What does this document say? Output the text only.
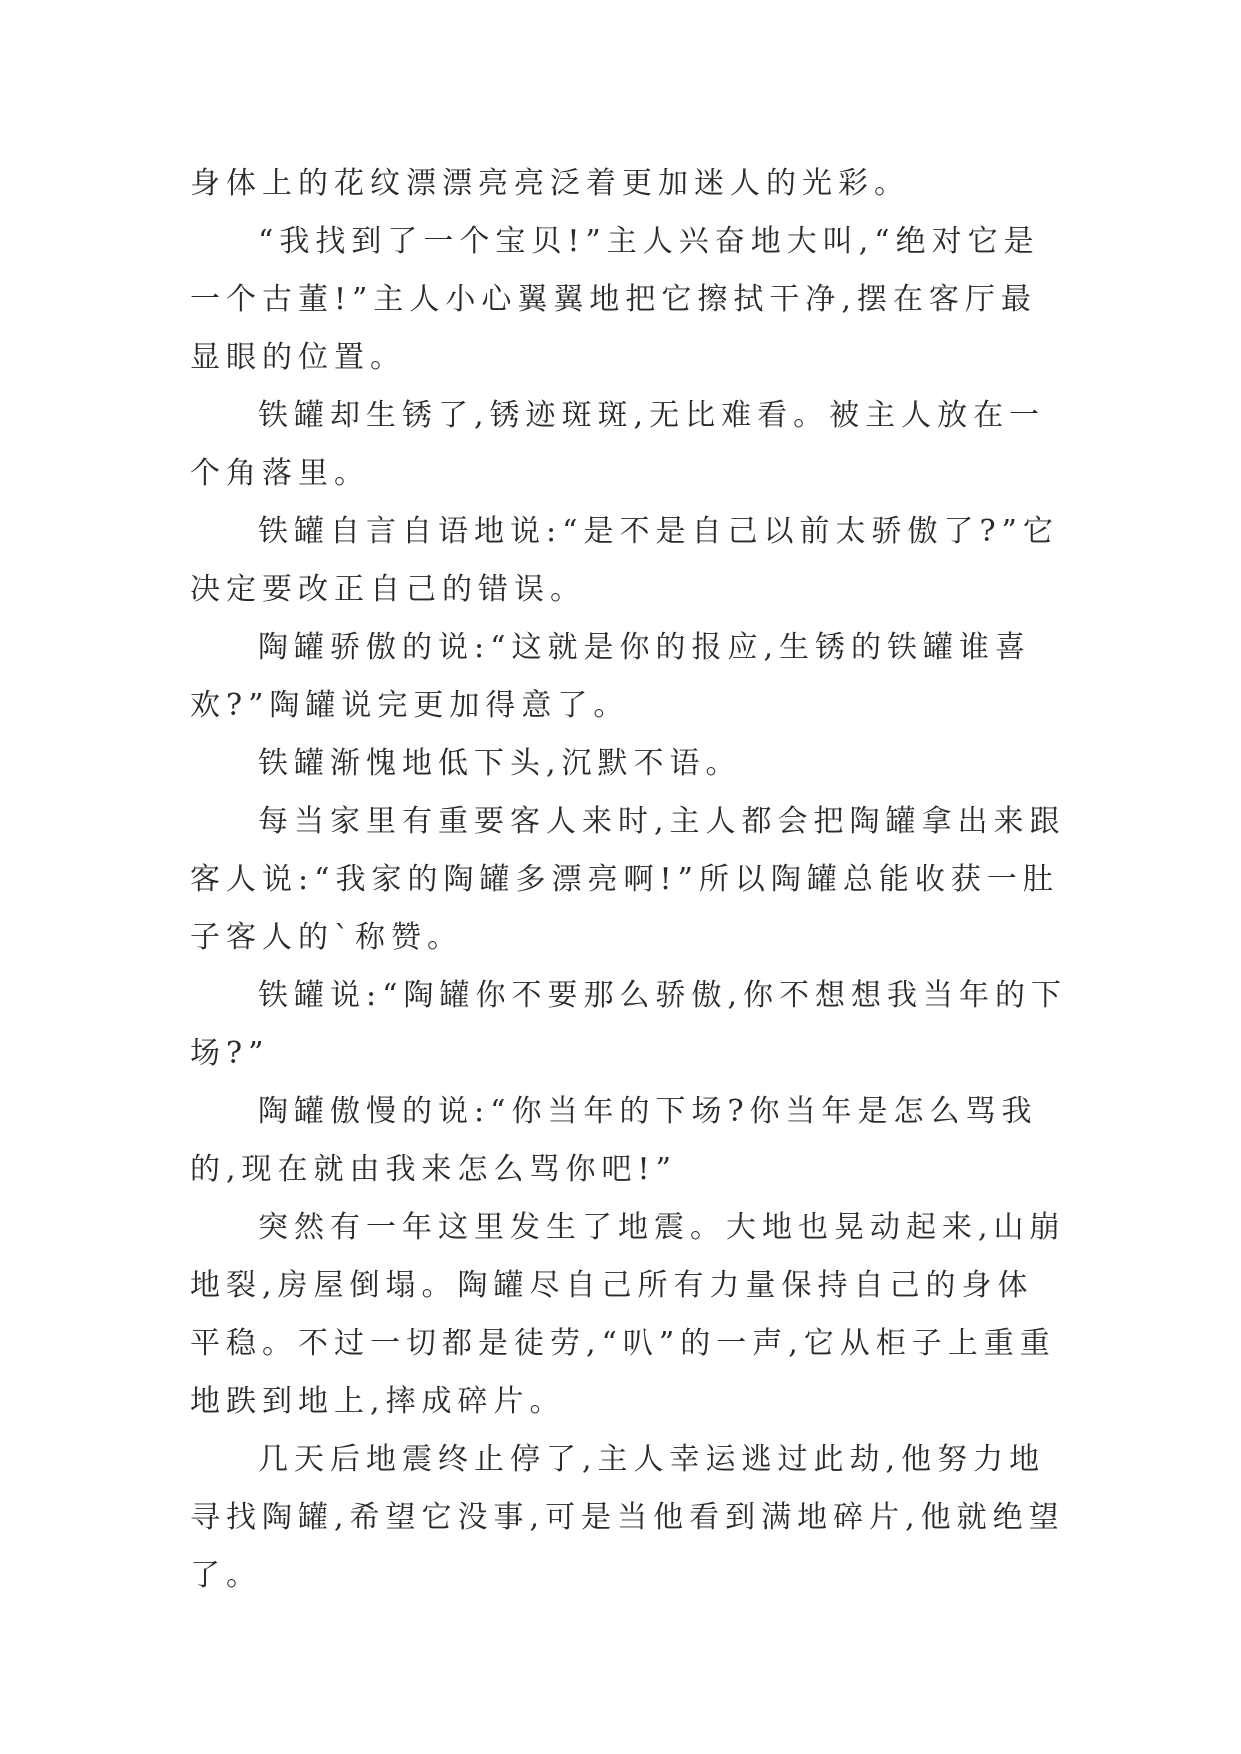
身体上的花纹漂漂亮亮泛着更加迷人的光彩。

“我找到了一个宝贝!”主人兴奋地大叫,“绝对它是一个古董!”主人小心翼翼地把它擦拭干净,摆在客厅最显眼的位置。

铁罐却生锈了,锈迹斑斑,无比难看。被主人放在一个角落里。

铁罐自言自语地说:“是不是自己以前太骄傲了?”它决定要改正自己的错误。

陶罐骄傲的说:“这就是你的报应,生锈的铁罐谁喜欢?”陶罐说完更加得意了。

铁罐渐愧地低下头,沉默不语。

每当家里有重要客人来时,主人都会把陶罐拿出来跟客人说:“我家的陶罐多漂亮啊!”所以陶罐总能收获一肚子客人的`称赞。

铁罐说:“陶罐你不要那么骄傲,你不想想我当年的下场?”

陶罐傲慢的说:“你当年的下场?你当年是怎么骂我的,现在就由我来怎么骂你吧!”

突然有一年这里发生了地震。大地也晃动起来,山崩地裂,房屋倒塌。陶罐尽自己所有力量保持自己的身体平稳。不过一切都是徒劳,“叭”的一声,它从柜子上重重地跌到地上,摔成碎片。

几天后地震终止停了,主人幸运逃过此劫,他努力地寻找陶罐,希望它没事,可是当他看到满地碎片,他就绝望了。
